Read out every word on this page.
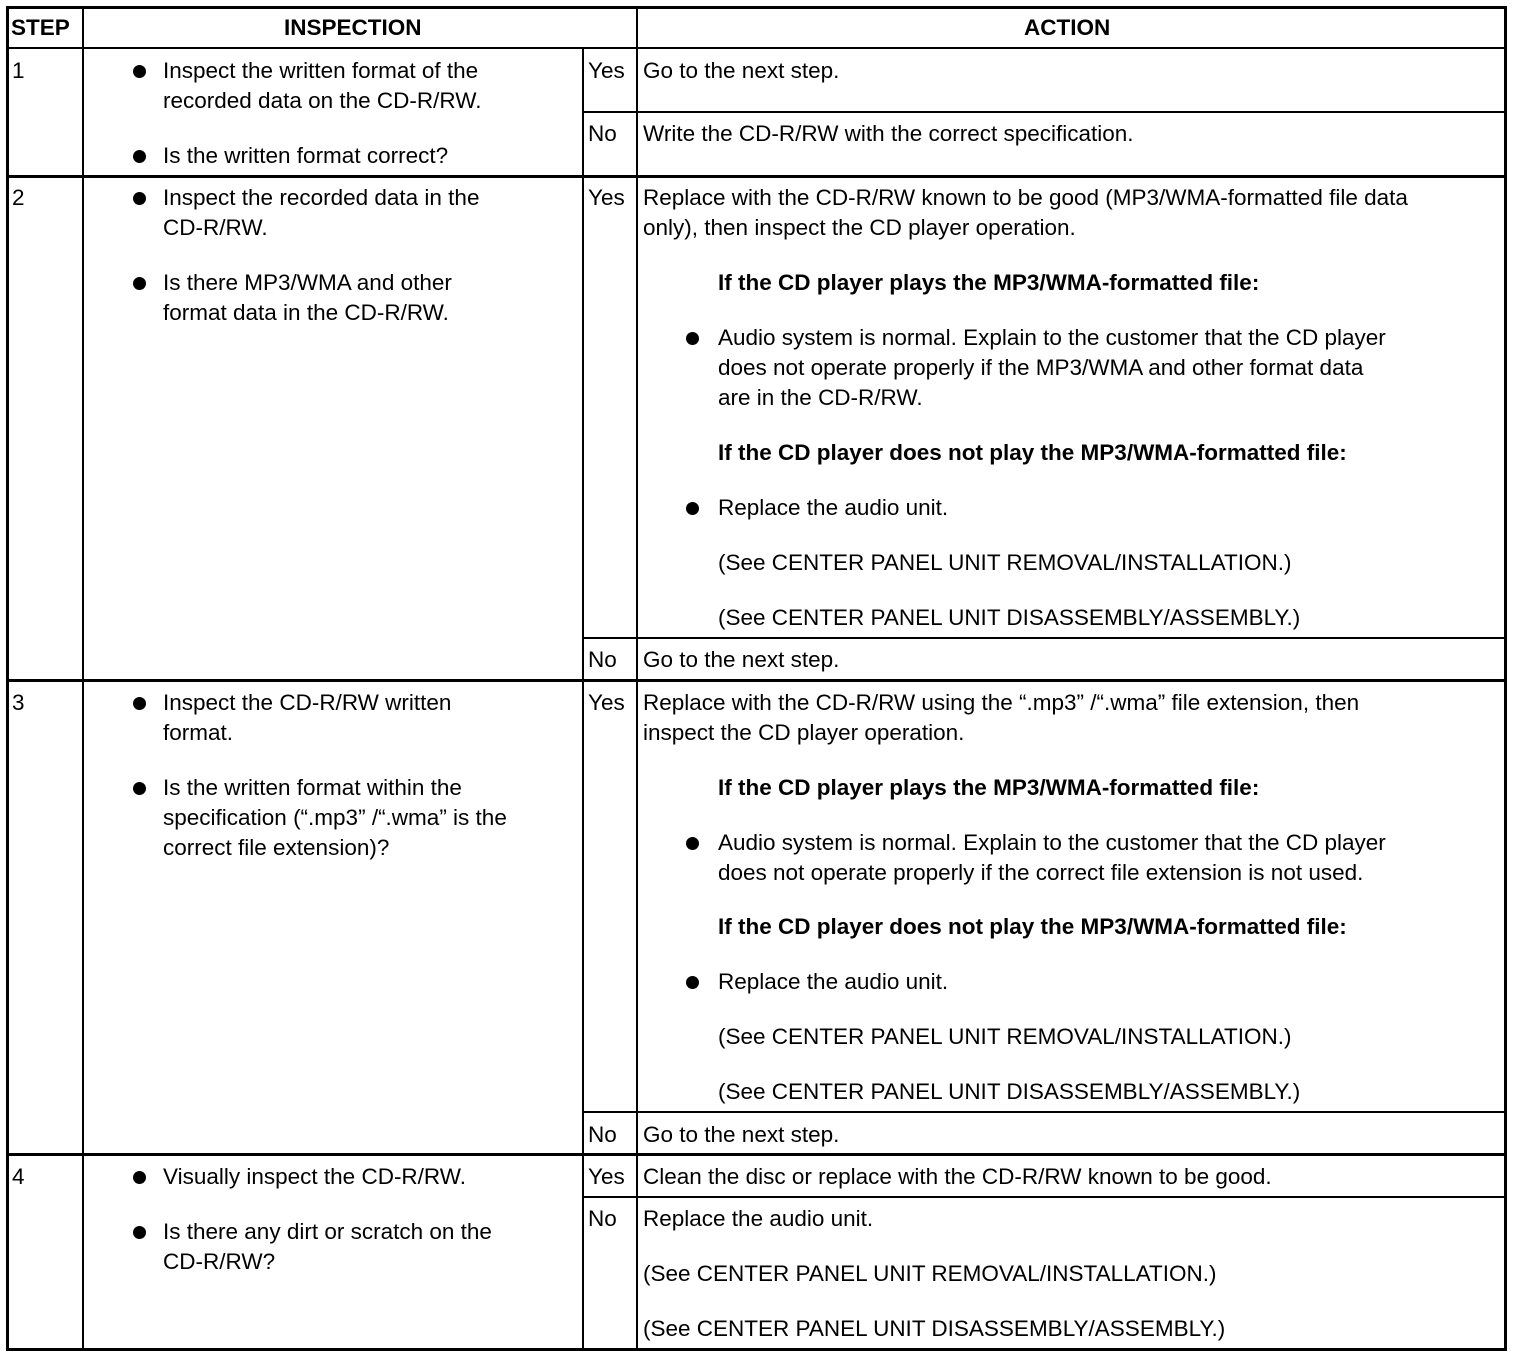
STEP	INSPECTION	ACTION
1	Inspect the written format of the
recorded data on the CD-R/RW.
Is the written format correct?
Yes Go to the next step.
No Write the CD-R/RW with the correct specification.
2	Inspect the recorded data in the
CD-R/RW.
Is there MP3/WMA and other
format data in the CD-R/RW.
Yes Replace with the CD-R/RW known to be good (MP3/WMA-formatted file data
only), then inspect the CD player operation.
If the CD player plays the MP3/WMA-formatted file:
Audio system is normal. Explain to the customer that the CD player
does not operate properly if the MP3/WMA and other format data
are in the CD-R/RW.
If the CD player does not play the MP3/WMA-formatted file:
Replace the audio unit.
(See CENTER PANEL UNIT REMOVAL/INSTALLATION.)
(See CENTER PANEL UNIT DISASSEMBLY/ASSEMBLY.)
No Go to the next step.
3	Inspect the CD-R/RW written
format.
Is the written format within the
specification (“.mp3” /“.wma” is the
correct file extension)?
Yes Replace with the CD-R/RW using the “.mp3” /“.wma” file extension, then
inspect the CD player operation.
If the CD player plays the MP3/WMA-formatted file:
Audio system is normal. Explain to the customer that the CD player
does not operate properly if the correct file extension is not used.
If the CD player does not play the MP3/WMA-formatted file:
Replace the audio unit.
(See CENTER PANEL UNIT REMOVAL/INSTALLATION.)
(See CENTER PANEL UNIT DISASSEMBLY/ASSEMBLY.)
No Go to the next step.
4	Visually inspect the CD-R/RW.
Is there any dirt or scratch on the
CD-R/RW?
Yes Clean the disc or replace with the CD-R/RW known to be good.
No Replace the audio unit.
(See CENTER PANEL UNIT REMOVAL/INSTALLATION.)
(See CENTER PANEL UNIT DISASSEMBLY/ASSEMBLY.)
